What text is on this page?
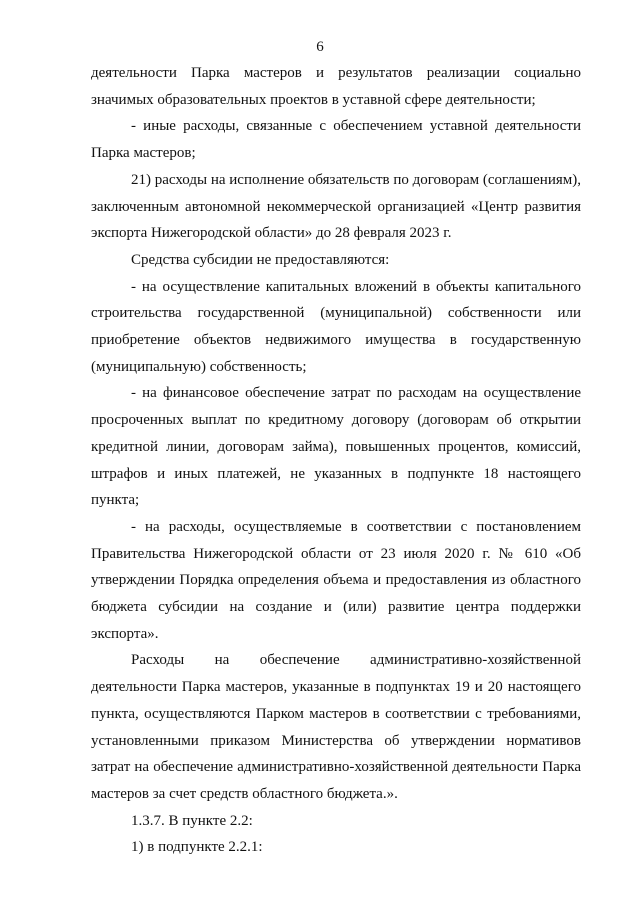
6

деятельности Парка мастеров и результатов реализации социально значимых образовательных проектов в уставной сфере деятельности;

- иные расходы, связанные с обеспечением уставной деятельности Парка мастеров;

21) расходы на исполнение обязательств по договорам (соглашениям), заключенным автономной некоммерческой организацией «Центр развития экспорта Нижегородской области» до 28 февраля 2023 г.

Средства субсидии не предоставляются:

- на осуществление капитальных вложений в объекты капитального строительства государственной (муниципальной) собственности или приобретение объектов недвижимого имущества в государственную (муниципальную) собственность;

- на финансовое обеспечение затрат по расходам на осуществление просроченных выплат по кредитному договору (договорам об открытии кредитной линии, договорам займа), повышенных процентов, комиссий, штрафов и иных платежей, не указанных в подпункте 18 настоящего пункта;

- на расходы, осуществляемые в соответствии с постановлением Правительства Нижегородской области от 23 июля 2020 г. № 610 «Об утверждении Порядка определения объема и предоставления из областного бюджета субсидии на создание и (или) развитие центра поддержки экспорта».

Расходы на обеспечение административно-хозяйственной деятельности Парка мастеров, указанные в подпунктах 19 и 20 настоящего пункта, осуществляются Парком мастеров в соответствии с требованиями, установленными приказом Министерства об утверждении нормативов затрат на обеспечение административно-хозяйственной деятельности Парка мастеров за счет средств областного бюджета.».

1.3.7. В пункте 2.2:

1) в подпункте 2.2.1:
